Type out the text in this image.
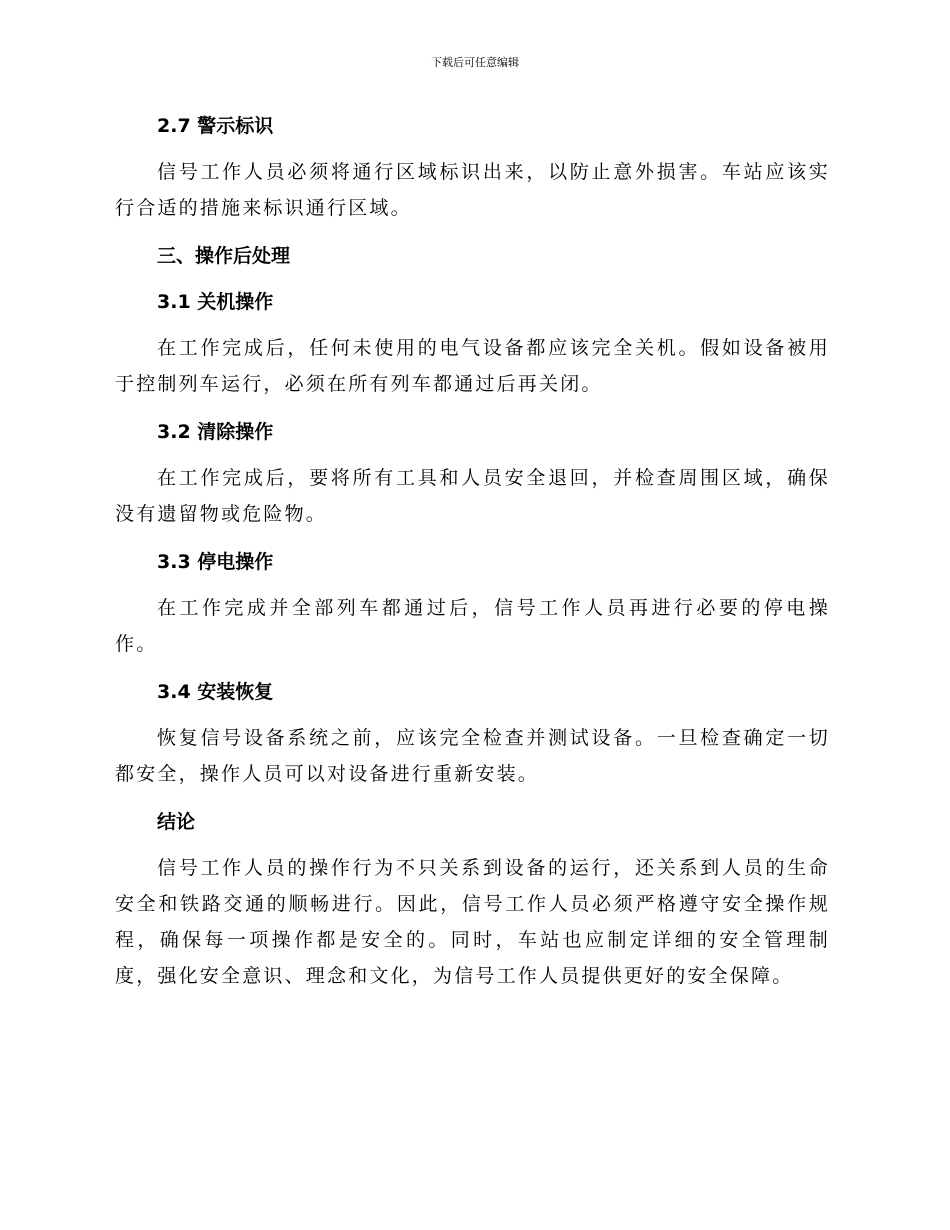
下载后可任意编辑
2.7 警示标识

信号工作人员必须将通行区域标识出来，以防止意外损害。车站应该实行合适的措施来标识通行区域。

三、操作后处理
3.1 关机操作

在工作完成后，任何未使用的电气设备都应该完全关机。假如设备被用于控制列车运行，必须在所有列车都通过后再关闭。

3.2 清除操作

在工作完成后，要将所有工具和人员安全退回，并检查周围区域，确保没有遗留物或危险物。

3.3 停电操作

在工作完成并全部列车都通过后，信号工作人员再进行必要的停电操作。

3.4 安装恢复

恢复信号设备系统之前，应该完全检查并测试设备。一旦检查确定一切都安全，操作人员可以对设备进行重新安装。

结论

信号工作人员的操作行为不只关系到设备的运行，还关系到人员的生命安全和铁路交通的顺畅进行。因此，信号工作人员必须严格遵守安全操作规程，确保每一项操作都是安全的。同时，车站也应制定详细的安全管理制度，强化安全意识、理念和文化，为信号工作人员提供更好的安全保障。
